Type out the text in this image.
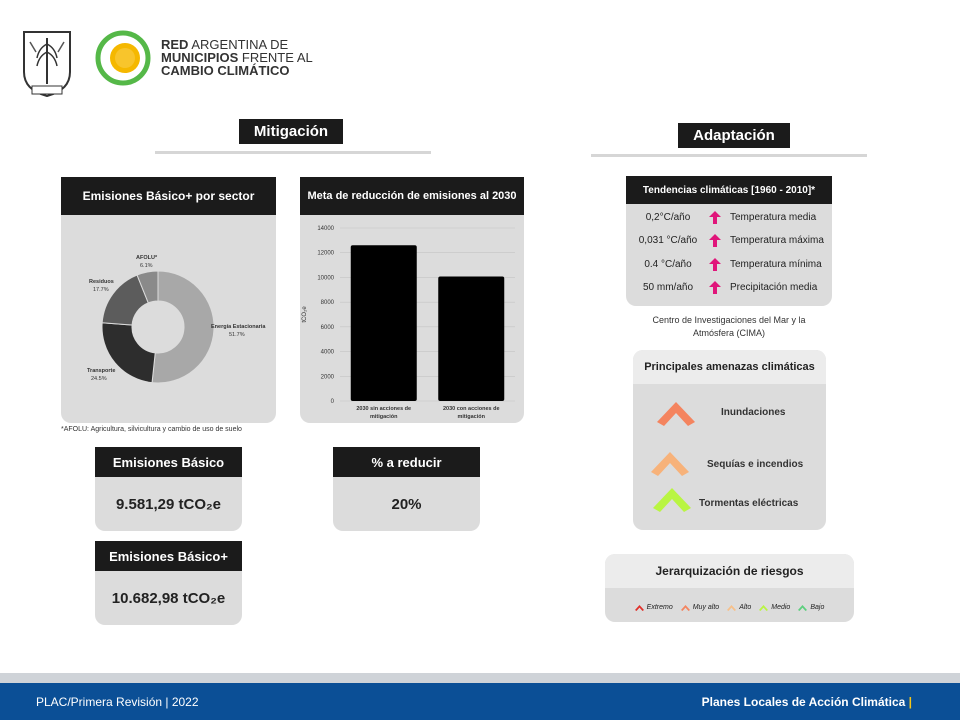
RED ARGENTINA DE
MUNICIPIOS FRENTE AL
CAMBIO CLIMÁTICO
Mitigación
Emisiones Básico+ por sector
Energía Estacionaria
51.7%
Transporte
24.5%
Residuos
17.7%
AFOLU*
6.1%
*AFOLU: Agricultura, silvicultura y cambio de uso de suelo
Meta de reducción de emisiones al 2030
0
2000
4000
6000
8000
10000
12000
14000
tCO₂e
2030 sin acciones de
mitigación
2030 con acciones de
mitigación
Emisiones Básico
9.581,29 tCO₂e
% a reducir
20%
Emisiones Básico+
10.682,98 tCO₂e
Adaptación
Tendencias climáticas [1960 - 2010]*
0,2°C/año	Temperatura media
0,031 °C/año	Temperatura máxima
0.4 °C/año	Temperatura mínima
50 mm/año	Precipitación media
Centro de Investigaciones del Mar y la
Atmósfera (CIMA)
Principales amenazas climáticas
Inundaciones
Sequías e incendios
Tormentas eléctricas
Jerarquización de riesgos
Extremo	Muy alto	Alto	Medio	Bajo
PLAC/Primera Revisión | 2022	Planes Locales de Acción Climática |
